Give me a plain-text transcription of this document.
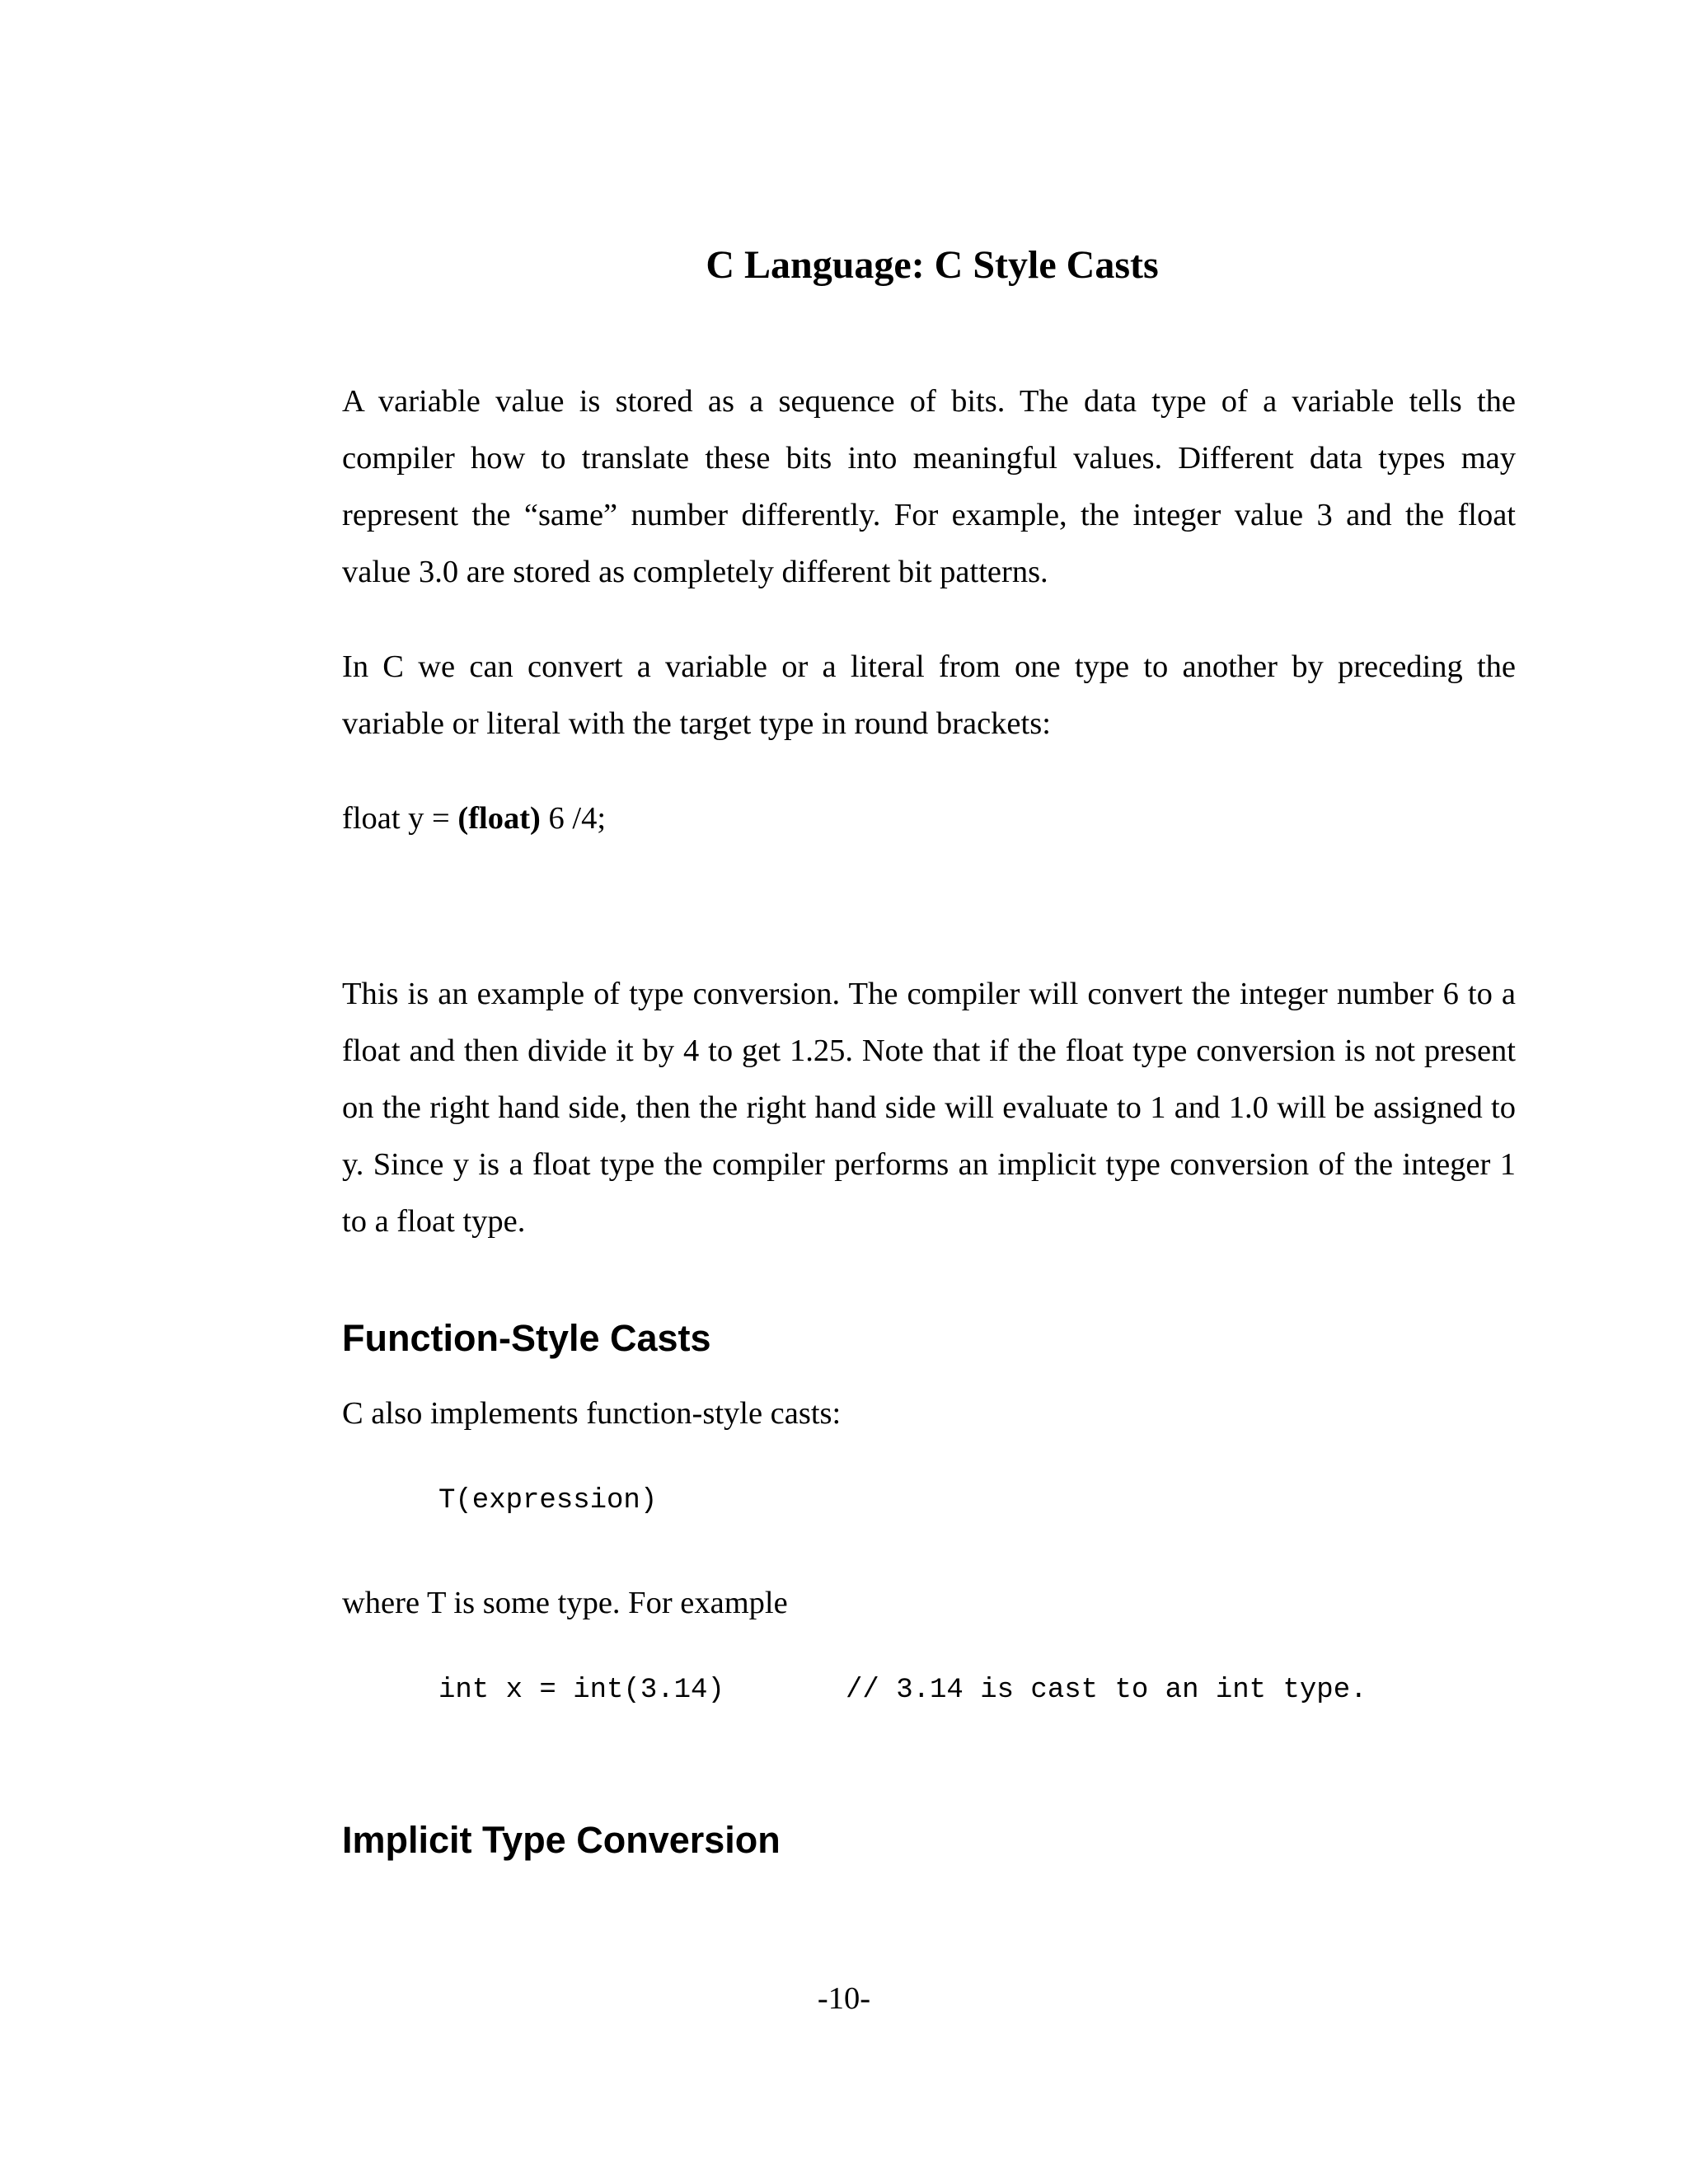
C Language: C Style Casts

A variable value is stored as a sequence of bits. The data type of a variable tells the compiler how to translate these bits into meaningful values. Different data types may represent the “same” number differently. For example, the integer value 3 and the float value 3.0 are stored as completely different bit patterns.

In C we can convert a variable or a literal from one type to another by preceding the variable or literal with the target type in round brackets:

float y = (float) 6 /4;

This is an example of type conversion. The compiler will convert the integer number 6 to a float and then divide it by 4 to get 1.25. Note that if the float type conversion is not present on the right hand side, then the right hand side will evaluate to 1 and 1.0 will be assigned to y. Since y is a float type the compiler performs an implicit type conversion of the integer 1 to a float type.

Function-Style Casts

C also implements function-style casts:

T(expression)

where T is some type. For example

int x = int(3.14)	// 3.14 is cast to an int type.

Implicit Type Conversion

-10-
